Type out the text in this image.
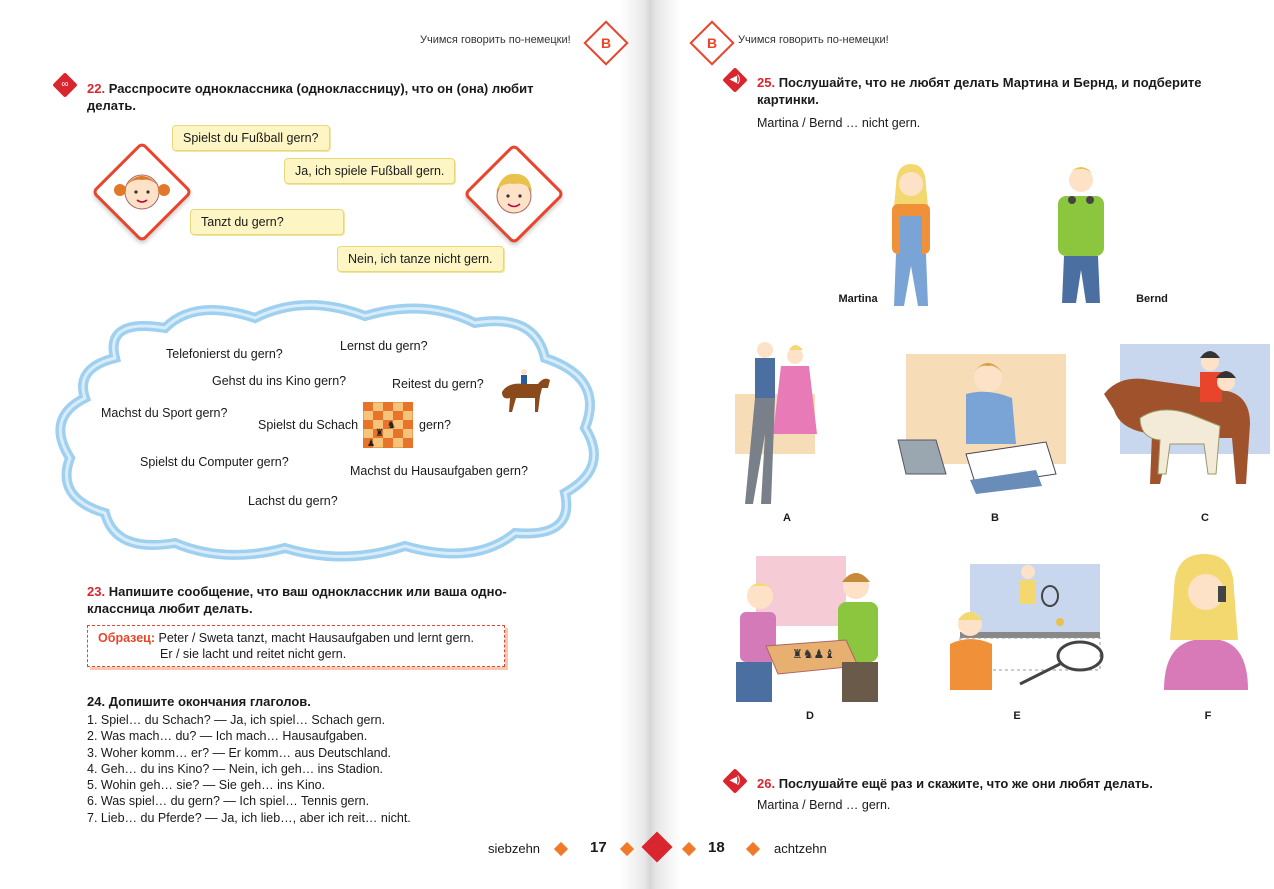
Учимся говорить по-немецки!	B
∞	22. Расспросите одноклассника (одноклассницу), что он (она) любит
делать.
Spielst du Fußball gern?
Ja, ich spiele Fußball gern.
Tanzt du gern?
Nein, ich tanze nicht gern.
Telefonierst du gern?
Lernst du gern?
Gehst du ins Kino gern?	Reitest du gern?
Machst du Sport gern?
Spielst du Schach	gern?
Spielst du Computer gern?
Machst du Hausaufgaben gern?
Lachst du gern?
♜
♞
♟
23. Напишите сообщение, что ваш одноклассник или ваша одно-
классница любит делать.
Образец: Peter / Sweta tanzt, macht Hausaufgaben und lernt gern.
Er / sie lacht und reitet nicht gern.
24. Допишите окончания глаголов.
1. Spiel… du Schach? — Ja, ich spiel… Schach gern.
2. Was mach… du? — Ich mach… Hausaufgaben.
3. Woher komm… er? — Er komm… aus Deutschland.
4. Geh… du ins Kino? — Nein, ich geh… ins Stadion.
5. Wohin geh… sie? — Sie geh… ins Kino.
6. Was spiel… du gern? — Ich spiel… Tennis gern.
7. Lieb… du Pferde? — Ja, ich lieb…, aber ich reit… nicht.
B	Учимся говорить по-немецки!
◀) 25. Послушайте, что не любят делать Мартина и Бернд, и подберите
картинки.
Martina / Bernd … nicht gern.
Martina	Bernd
A	B	C
♜♞♟♝
D	E	F
◀) 26. Послушайте ещё раз и скажите, что же они любят делать.
Martina / Bernd … gern.
siebzehn	17	18	achtzehn
